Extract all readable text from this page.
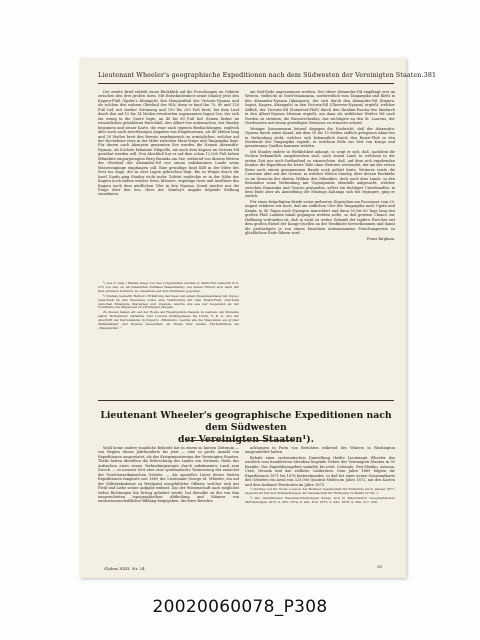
Lieutenant Wheeler's geographische Expeditionen nach dem Südwesten der Vereinigten Staaten. 381

Der zweite Brief enthält einen Rückblick auf die Forschungen im Gebiete zwischen den drei großen Seen. Mit Entschiedenheit nennt Stanley jetzt den Kagera-Fluß (Speke's Kitangule) den Hauptzufluß des Victoria-Nyanza und als solchen den wahren Oberlauf des Nils, denn er fand ihn 70, 80 und 120 Fuß tief, mit starker Strömung und 150 bis 200 Fuß breit; bei dem Lauf durch den auf 10 bis 14 Meilen erweiterten sogenannten Ingezi See, der sich ein wenig in die Quere legte, an 40 bis 60 Fuß tief. Seinen bisher im wesentlichen gehaltenen Entschluß, den Albert-See aufzusuchen, hat Stanley begonnen und seiner Karte, die zwar nach eigenen Beobachtungen, zugleich aber auch nach zuverlässigen Angaben von Eingeborenen, als 40 Meilen lang und 30 Meilen breit den Beweis ergebnisreich zu ermöglichen, welcher auf der Hochebene etwa in der Mitte zwischen Muta-Nzige und Tanganyika liegt. Für diesen auch Akanyaru genannten See wurden die Namen Alexandra-Nyanza, als höchste bekannte Nilquelle, nie nach dem Kagera im Victoria-Nil gewöhnt werden will. Den Abschluß hat er auf dem schon 12,000 Fuß hohen Mfumbiro emporgeragten Berg Rwanda am See, während von diesem Westen der Oberlauf des Alexandra-Nil von einem unbekannten Lande seine Wasserzugänge empfangen soll. Eine gewaltige Insel fällt in der Mitte des Sees ins Auge, der in zwei Lagen gebrochen liegt. Bis zu Wegen durch die Insel Ugufu ging Stanley nicht mehr. Zuletzt entdeckte er in der Nähe des Kagera noch sieben weitere Seen, kleinere, ergiebige Seen und Ausflüsse des Kagera nach dem nördlichen Ufer in den Nyanza. Somit möchte nur die Frage über den See, Ihrer Art, Stanley's Angabe folgende Stellung einnehmen.

¹) Aus d. engl.) Meilen lange von See vorgefunden werden (f. 4000 Fuß bemerkt in S. 275 von den ca. 40 bekannten Zuflüsse Wasserläufe), bei denen Führer sich nach der Zeit erinnern konnten, wo dieselben auf dem Festlande gegolten.

²) Stanley bemerkt Burton's Erklärung des Sees und einen Zusammenhang mit Ugogo (Anschluß an den Ukerewe) sowie eine Verbindung mit dem Rusizi-Fluß; Anschluß zwischen Kitangule (Karagwe) und Uganda, welche wie aus der Gegenden an der Nordküste die Regenzeit zu verbringen pflegen.

Zu diesen haben wir auf der Route als Hauptpunkte Kagera zu nennen, am Südende selbst Tschambezi, Kafwima oder Lowoba (Kitangulesee bis Lindi), V. K. G. Aus der Abschrift der Kartenskizze in Ungarn: „Mfumbiro, welche wie die Wanyambo als großer Waffenkampf und Nyanza bezeichnet, an ihrem Ufer stehen Fischerhütten als „Tanganyika“.“

am Süd-Ende angenommen werden: Der obere Alexandra-Nil empfängt erst im Westen, vielleicht in Nord-Muanzania, nordwestlich vom Tanganyika und fließt in den Alexandra-Nyanza (Akanyaru), der sich durch den Alexandra-Nil (Kagera, Ingezi, Kagera, Kitangule) in den Victoria-Nil (Ukerewe-Nyanza) ergießt, welcher Abfluß, der Victoria-Nil (Somerset-Fluß) durch den Ibrahim-Pascha-See hindurch in den Albert-Nyanza Mwutan ergießt, um dann als wirklicher Weißer Nil nach Norden zu strömen; die Wasserscheiden, das wichtigste an den St. Lourenz, der Nordwesten mit einem gewaltigen Gewässer zu erinnern scheint.

Weniger Sonnenwarm leitend dagegen die Nachricht, daß der Alexandra-Nyanza durch einen Kanal, mit dem 10 bis 15 Meilen südlich gelegenen Akan-See in Verbindung steht, welcher sich bekanntlich durch den Rusizi-Fluß in den Nordende des Tanganyika ergießt, in welchem Falle zur Zeit von Kongo und gemeinsame Quellen kommen würden.

Mit Stanley endete in Wirklichkeit anlangt, so zeigt er sich, daß, nachdem die Pocken bekanntlich ausgebrochen sind, nach einem Land, in welchem in der ersten Zeit nur noch fortlaufend so einzurichten, daß, auf dem sich ergebenden Kondor, die Expedition die letzte Teile ohne Weiteres verwendet, der am der ersten Reise nach einem genommenen Bande noch gehört hatte. Weiteres reiste die Caravane aber mit der Grenze, in welcher Wilson Stanley, über dessen Rückkehr es im Zuwachs der oberen Wildnis den Mfumbiro, doch nach dem Lande, in den Reisenden seine Verbindung mit Unyanyembe ebenfalls aufgesucht, welcher zwischen Rumanika und Unyoro gestanden, selbst ein tüchtiger Unterhandler, in dem Ende aber als Ansiedlung der Muzingu Kahanga sich bei Nyangwe, ging er zurück.

Für einen beigefügten Briefe sowie mehreren Depeschen am Poceanzer vom 29. August erfahren wir noch, daß am südlichen Ufer des Tanganyika nach Ugufu und Kanda, in 40 Tagen nach Nyangwe marschiert und dann 50 bis 60 Tage lang den großen Fluß Lualaba hinab gegangen werden sollte, so daß gewisse Chance zur Hoffnung verbunden ist, daß in nicht zu weiter Zukunft der tapfere Forscher mit dem großen Rätsel der Kongo-Quellen an der Westküste hervorkommen und damit die großartigste je von einem Einzelnen unternommene Forschungsreise zu glücklichem Ende führen wird.

Franz Birgham.
Lieutenant Wheeler's geographische Expeditionen nach dem Südwesten
der Vereinigten Staaten¹).

Wohl keine andere staatliche Behörde hat in einem so kurzen Zeitraum — von Beginn dieses Jahrhunderts bis jetzt — eine so große Anzahl von Expeditionen ausgerüstet, als das Kriegsministerium der Vereinigten Staaten. Theils hatten dieselben die Erforschung des Laufes von Strömen, theils das Aufsuchen eines neuen Verbindungsweges durch unbekanntes Land zum Zweck, — in neuerer Zeit aber eine systematische Vermessung der zunächst der Nord-Amerikanischen Gebiete. — Als spezieller Leiter dieser letzten Expeditionen fungierte seit 1869 der Lieutenant George M. Wheeler, ein auf der Militärakademie zu Westpoint ausgebildeter Offizier, welcher sich mit Fleiß und Liebe seiner Aufgabe widmet. Das der Wissenschaft nach möglichst vielen Richtungen hin Ertrag geliefert werde, hat derselbe zu der von ihm ausgerichteten topographischen Abtheilung und Männer von naturwissenschaftlicher Bildung beigegeben, die ihrer Berichte

achtungen in Form von Berichten während des Winters in Washington ausgearbeitet haben.

Behufs einer systematischen Darstellung theilte Lieutenant Wheeler das westlich vom hundertsten Meridian liegende Gebiet der Vereinigten Staaten in 95 Bezirke. Das Expeditionsgebiet umfaßte bis jetzt: Colorado, Neu-Mexiko, Arizona, Utah, Nevada und das südliche Californien. Dem Jahre 1869 folgten die Expeditionen 1871 bis 1876 hintereinander, so daß bei einer neuen Gesammtkarte des Gebietes ein Areal von 325,000 Quadrat Meilen im Jahre 1872, mit den Karten und dem Indianer-Territorien im Jahre 1875.

¹) Vortrag von Dr. Oscar Loew in der Berliner Gesellschaft für Erdkunde am 6. Januar 1877; abgedruckt mit den Verhandlungen der Gesellschaft für Erdkunde zu Berlin IV. Bd. 1.

²) Die betreffenden Reisebeschreibungen finden sich in Petermann's Geographischen Mittheilungen 1875, S. 455; 1874, S. 461, 455; 1875, S. 441; 1876, S. 290, 317, 458.

Globus XXXI. Nr. 24.	30
20020060078_P308
